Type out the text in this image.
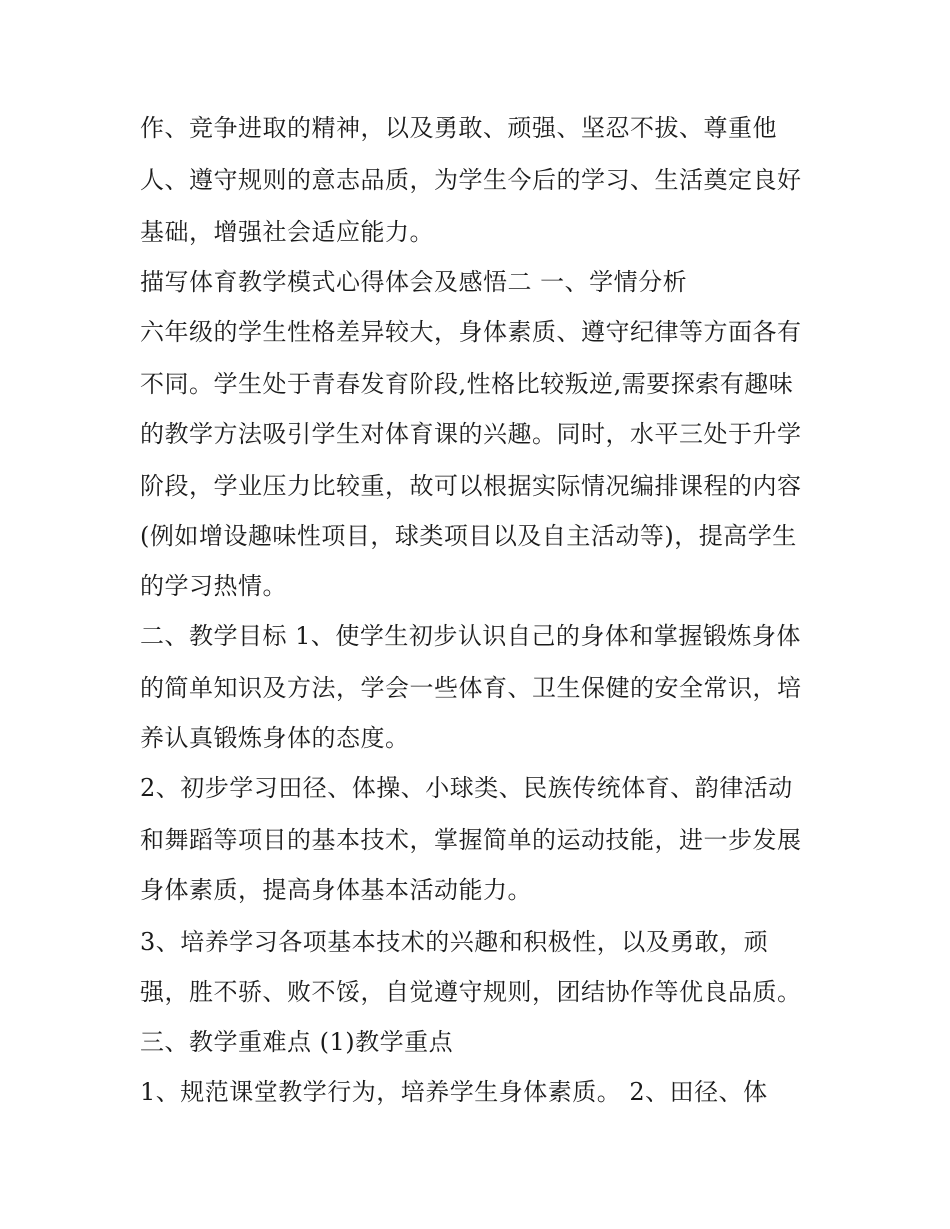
作、竞争进取的精神，以及勇敢、顽强、坚忍不拔、尊重他
人、遵守规则的意志品质，为学生今后的学习、生活奠定良好
基础，增强社会适应能力。
描写体育教学模式心得体会及感悟二 一、学情分析
六年级的学生性格差异较大，身体素质、遵守纪律等方面各有
不同。学生处于青春发育阶段,性格比较叛逆,需要探索有趣味
的教学方法吸引学生对体育课的兴趣。同时，水平三处于升学
阶段，学业压力比较重，故可以根据实际情况编排课程的内容
(例如增设趣味性项目，球类项目以及自主活动等)，提高学生
的学习热情。
二、教学目标 1、使学生初步认识自己的身体和掌握锻炼身体
的简单知识及方法，学会一些体育、卫生保健的安全常识，培
养认真锻炼身体的态度。
2、初步学习田径、体操、小球类、民族传统体育、韵律活动
和舞蹈等项目的基本技术，掌握简单的运动技能，进一步发展
身体素质，提高身体基本活动能力。
3、培养学习各项基本技术的兴趣和积极性，以及勇敢，顽
强，胜不骄、败不馁，自觉遵守规则，团结协作等优良品质。
三、教学重难点 (1)教学重点
1、规范课堂教学行为，培养学生身体素质。 2、田径、体
